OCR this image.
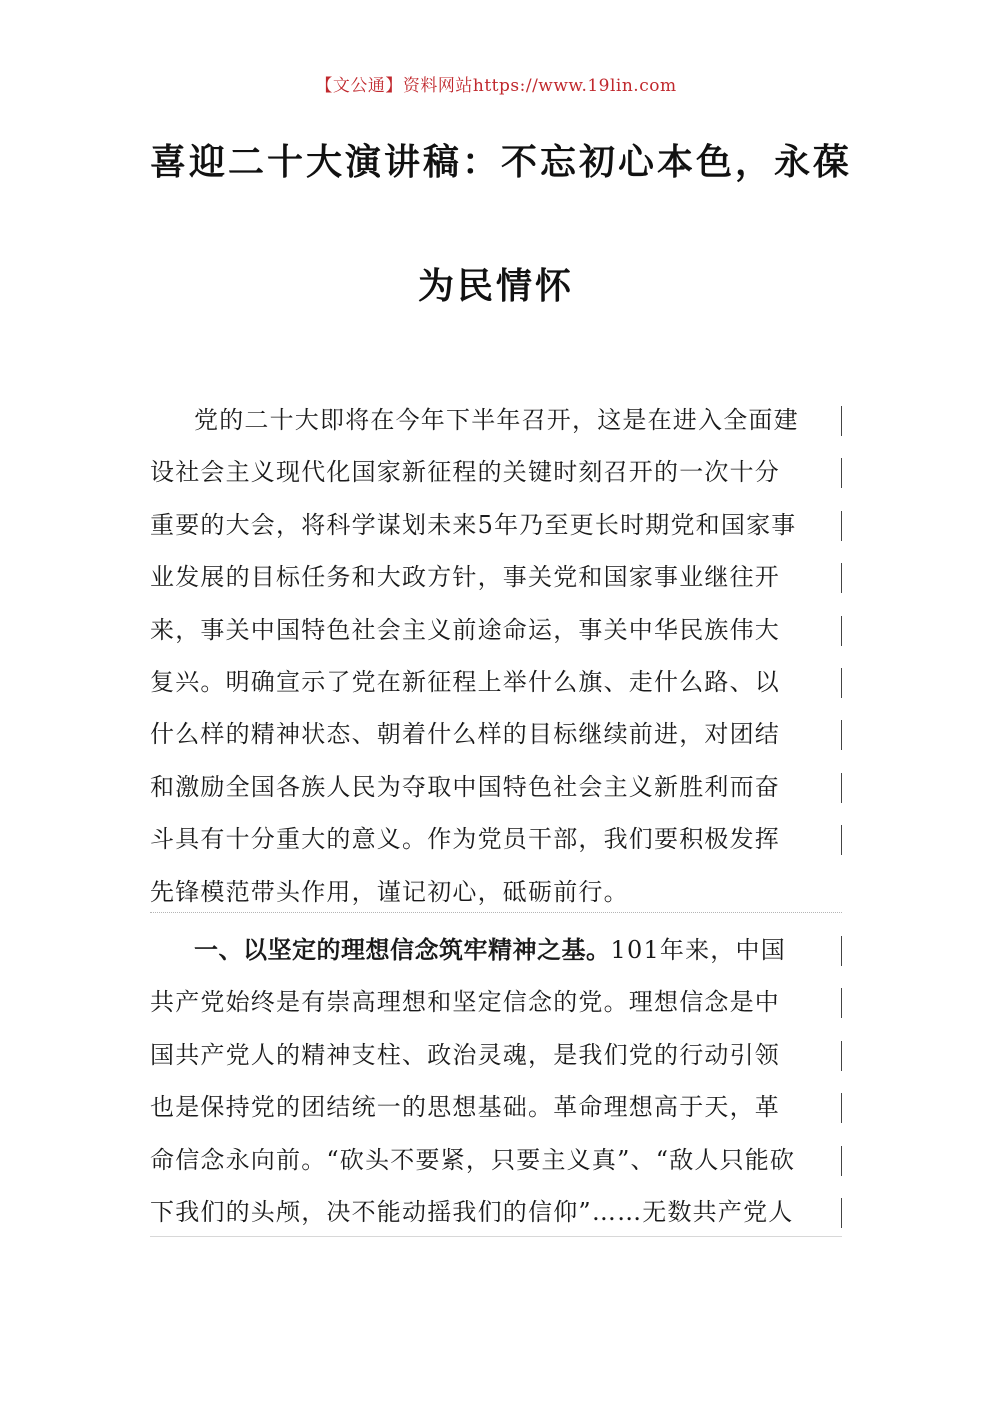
【文公通】资料网站https://www.19lin.com
喜迎二十大演讲稿：不忘初心本色，永葆
为民情怀
党的二十大即将在今年下半年召开，这是在进入全面建
设社会主义现代化国家新征程的关键时刻召开的一次十分
重要的大会，将科学谋划未来5年乃至更长时期党和国家事
业发展的目标任务和大政方针，事关党和国家事业继往开
来，事关中国特色社会主义前途命运，事关中华民族伟大
复兴。明确宣示了党在新征程上举什么旗、走什么路、以
什么样的精神状态、朝着什么样的目标继续前进，对团结
和激励全国各族人民为夺取中国特色社会主义新胜利而奋
斗具有十分重大的意义。作为党员干部，我们要积极发挥
先锋模范带头作用，谨记初心，砥砺前行。
一、以坚定的理想信念筑牢精神之基。101年来，中国
共产党始终是有崇高理想和坚定信念的党。理想信念是中
国共产党人的精神支柱、政治灵魂，是我们党的行动引领
也是保持党的团结统一的思想基础。革命理想高于天，革
命信念永向前。“砍头不要紧，只要主义真”、“敌人只能砍
下我们的头颅，决不能动摇我们的信仰”……无数共产党人
